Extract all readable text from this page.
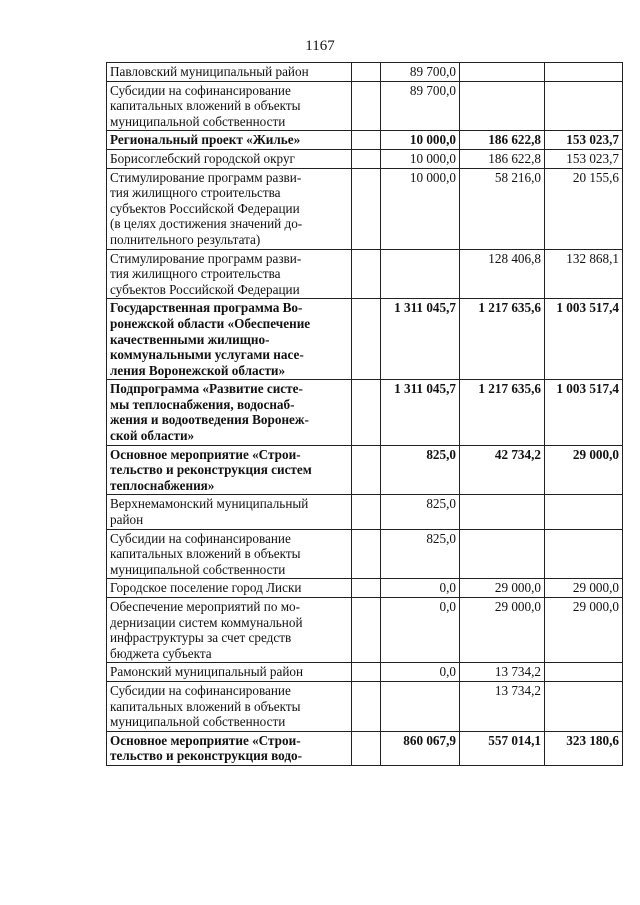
1167
Павловский муниципальный район		89 700,0		

Субсидии на софинансирование
капитальных вложений в объекты
муниципальной собственности		89 700,0		

Региональный проект «Жилье»		10 000,0	186 622,8	153 023,7

Борисоглебский городской округ		10 000,0	186 622,8	153 023,7

Стимулирование программ разви-
тия жилищного строительства
субъектов Российской Федерации
(в целях достижения значений до-
полнительного результата)		10 000,0	58 216,0	20 155,6

Стимулирование программ разви-
тия жилищного строительства
субъектов Российской Федерации			128 406,8	132 868,1

Государственная программа Во-
ронежской области «Обеспечение
качественными жилищно-
коммунальными услугами насе-
ления Воронежской области»		1 311 045,7	1 217 635,6	1 003 517,4

Подпрограмма «Развитие систе-
мы теплоснабжения, водоснаб-
жения и водоотведения Воронеж-
ской области»		1 311 045,7	1 217 635,6	1 003 517,4

Основное мероприятие «Строи-
тельство и реконструкция систем
теплоснабжения»		825,0	42 734,2	29 000,0

Верхнемамонский муниципальный
район		825,0		

Субсидии на софинансирование
капитальных вложений в объекты
муниципальной собственности		825,0		

Городское поселение город Лиски		0,0	29 000,0	29 000,0

Обеспечение мероприятий по мо-
дернизации систем коммунальной
инфраструктуры за счет средств
бюджета субъекта		0,0	29 000,0	29 000,0

Рамонский муниципальный район		0,0	13 734,2	

Субсидии на софинансирование
капитальных вложений в объекты
муниципальной собственности			13 734,2	

Основное мероприятие «Строи-
тельство и реконструкция водо-		860 067,9	557 014,1	323 180,6
